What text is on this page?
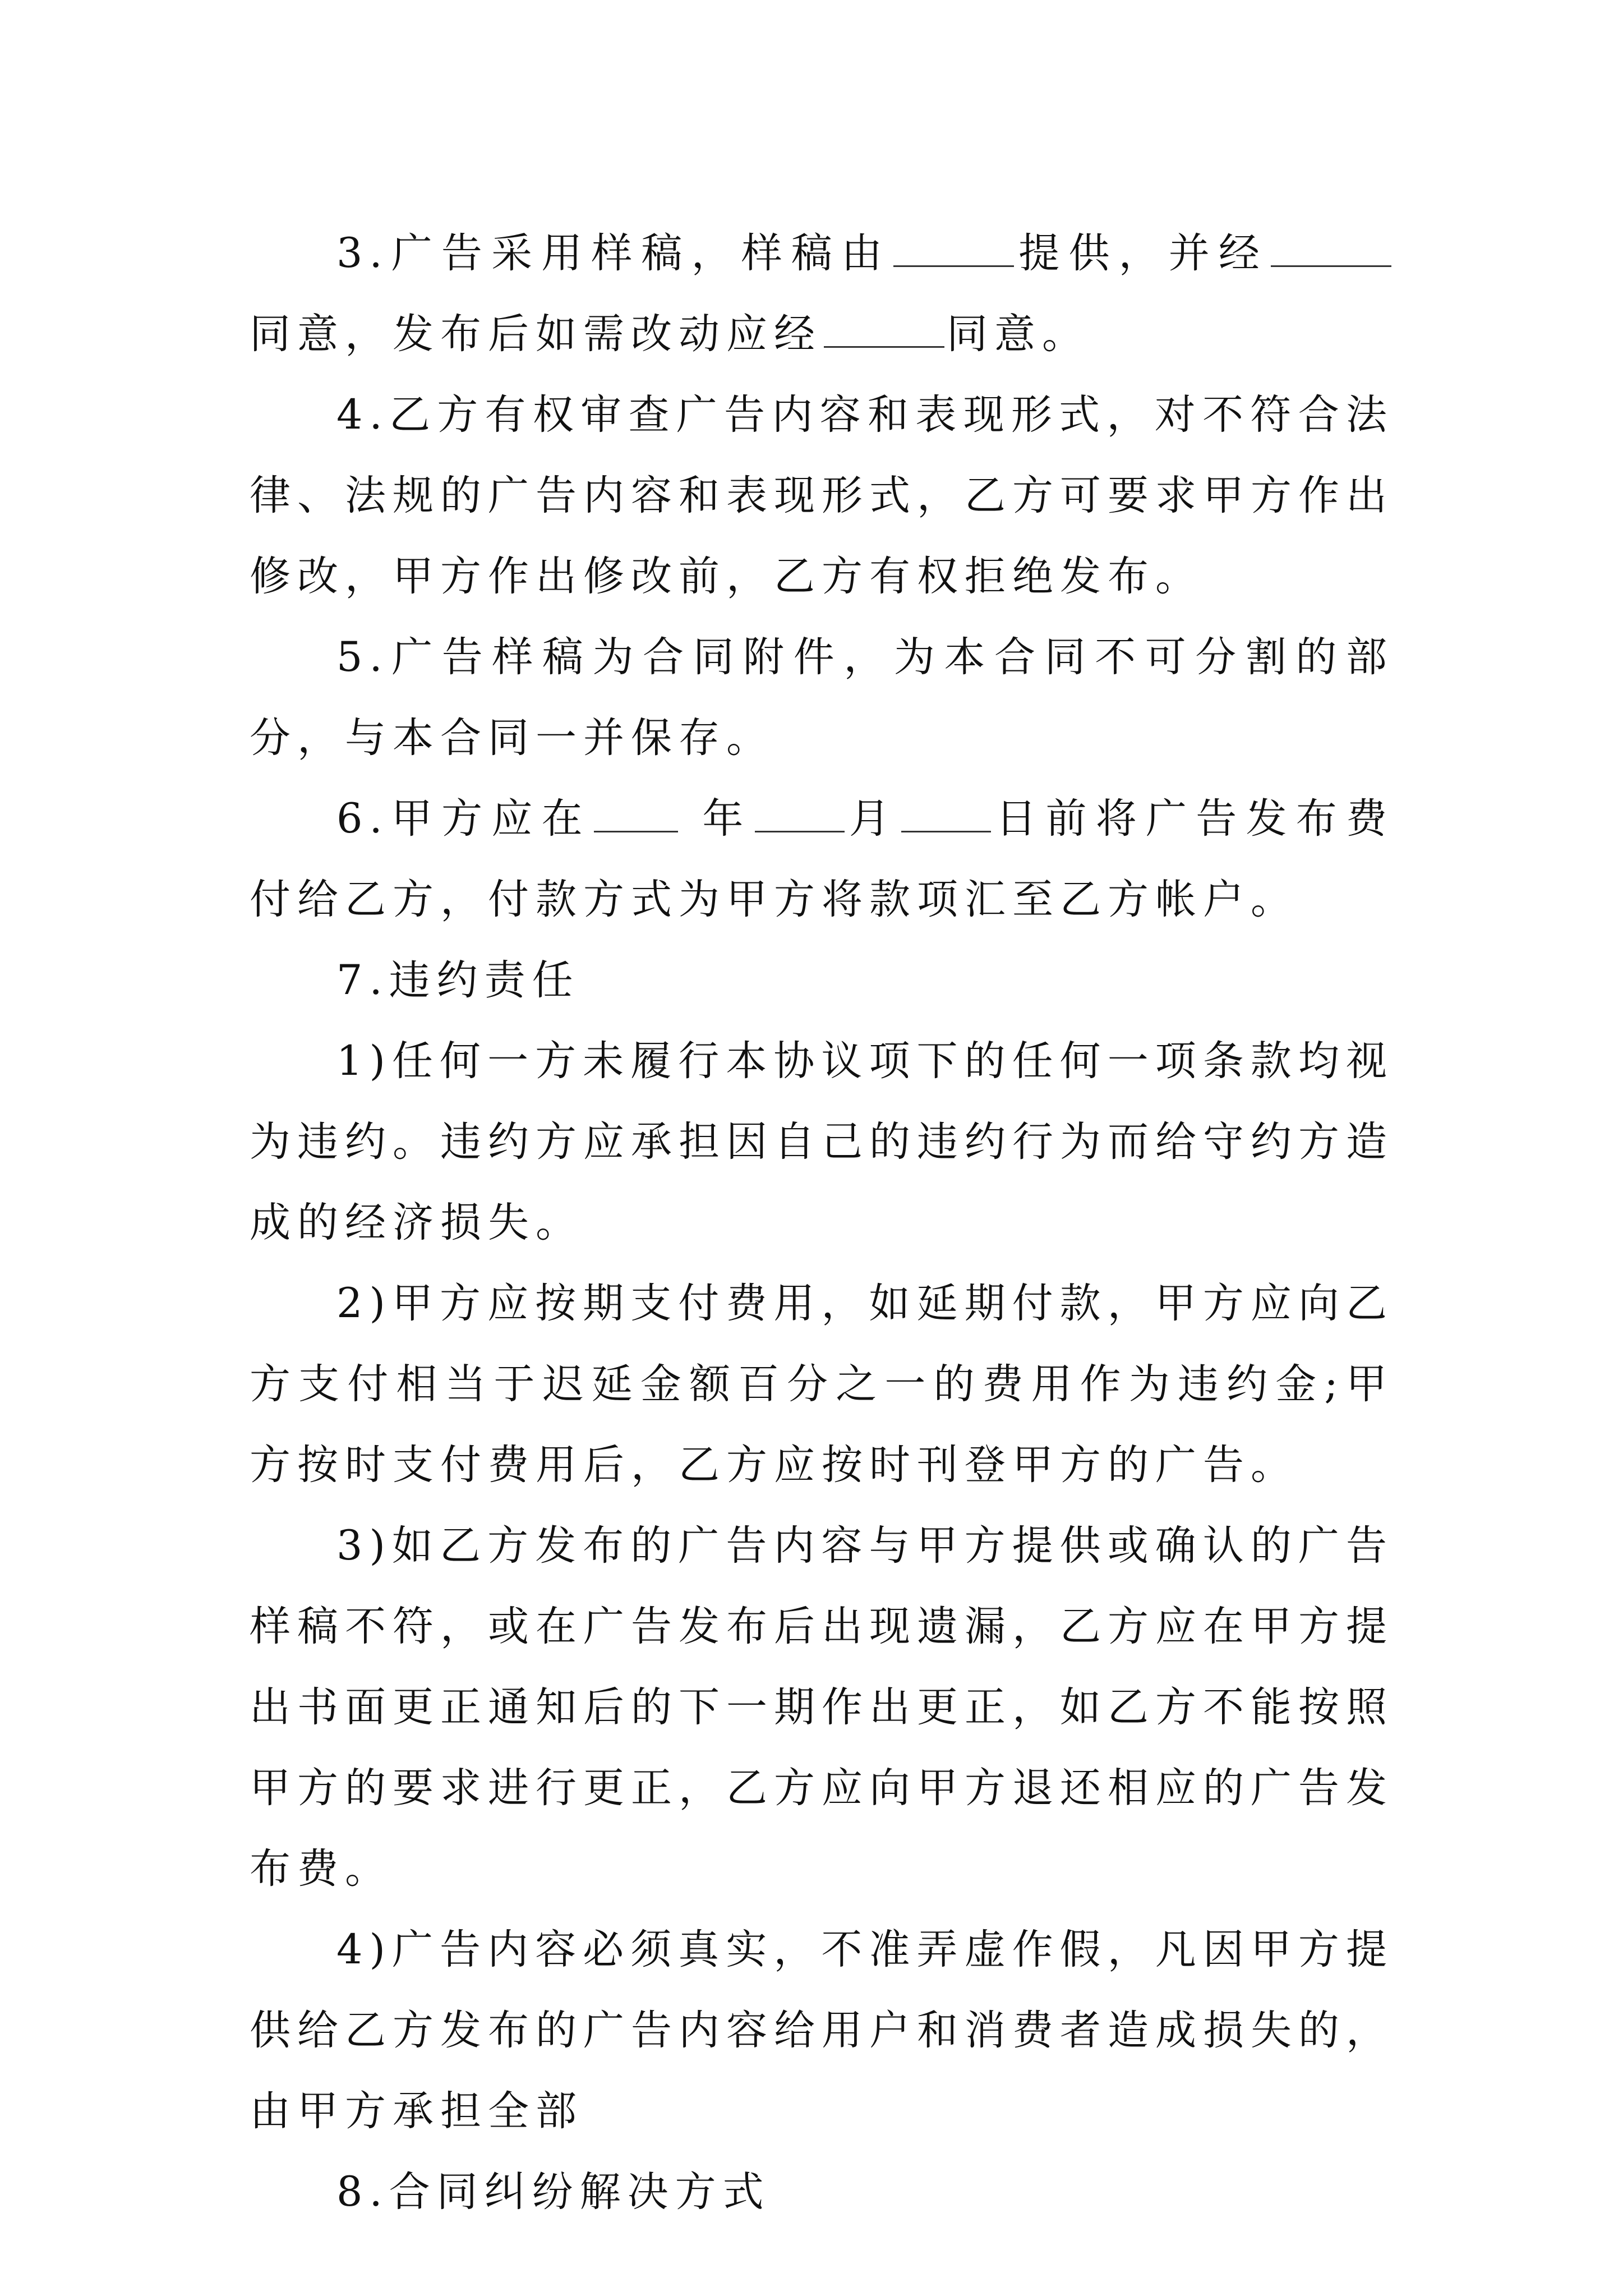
3.广告采用样稿，样稿由	提供，并经同意，发布后如需改动应经	同意。

4.乙方有权审查广告内容和表现形式，对不符合法律、法规的广告内容和表现形式，乙方可要求甲方作出修改，甲方作出修改前，乙方有权拒绝发布。

5.广告样稿为合同附件，为本合同不可分割的部分，与本合同一并保存。

6.甲方应在	年 月 日前将广告发布费付给乙方，付款方式为甲方将款项汇至乙方帐户。

7.违约责任

1)任何一方未履行本协议项下的任何一项条款均视为违约。违约方应承担因自己的违约行为而给守约方造成的经济损失。

2)甲方应按期支付费用，如延期付款，甲方应向乙方支付相当于迟延金额百分之一的费用作为违约金;甲方按时支付费用后，乙方应按时刊登甲方的广告。

3)如乙方发布的广告内容与甲方提供或确认的广告样稿不符，或在广告发布后出现遗漏，乙方应在甲方提出书面更正通知后的下一期作出更正，如乙方不能按照甲方的要求进行更正，乙方应向甲方退还相应的广告发布费。

4)广告内容必须真实，不准弄虚作假，凡因甲方提供给乙方发布的广告内容给用户和消费者造成损失的，由甲方承担全部

8.合同纠纷解决方式
